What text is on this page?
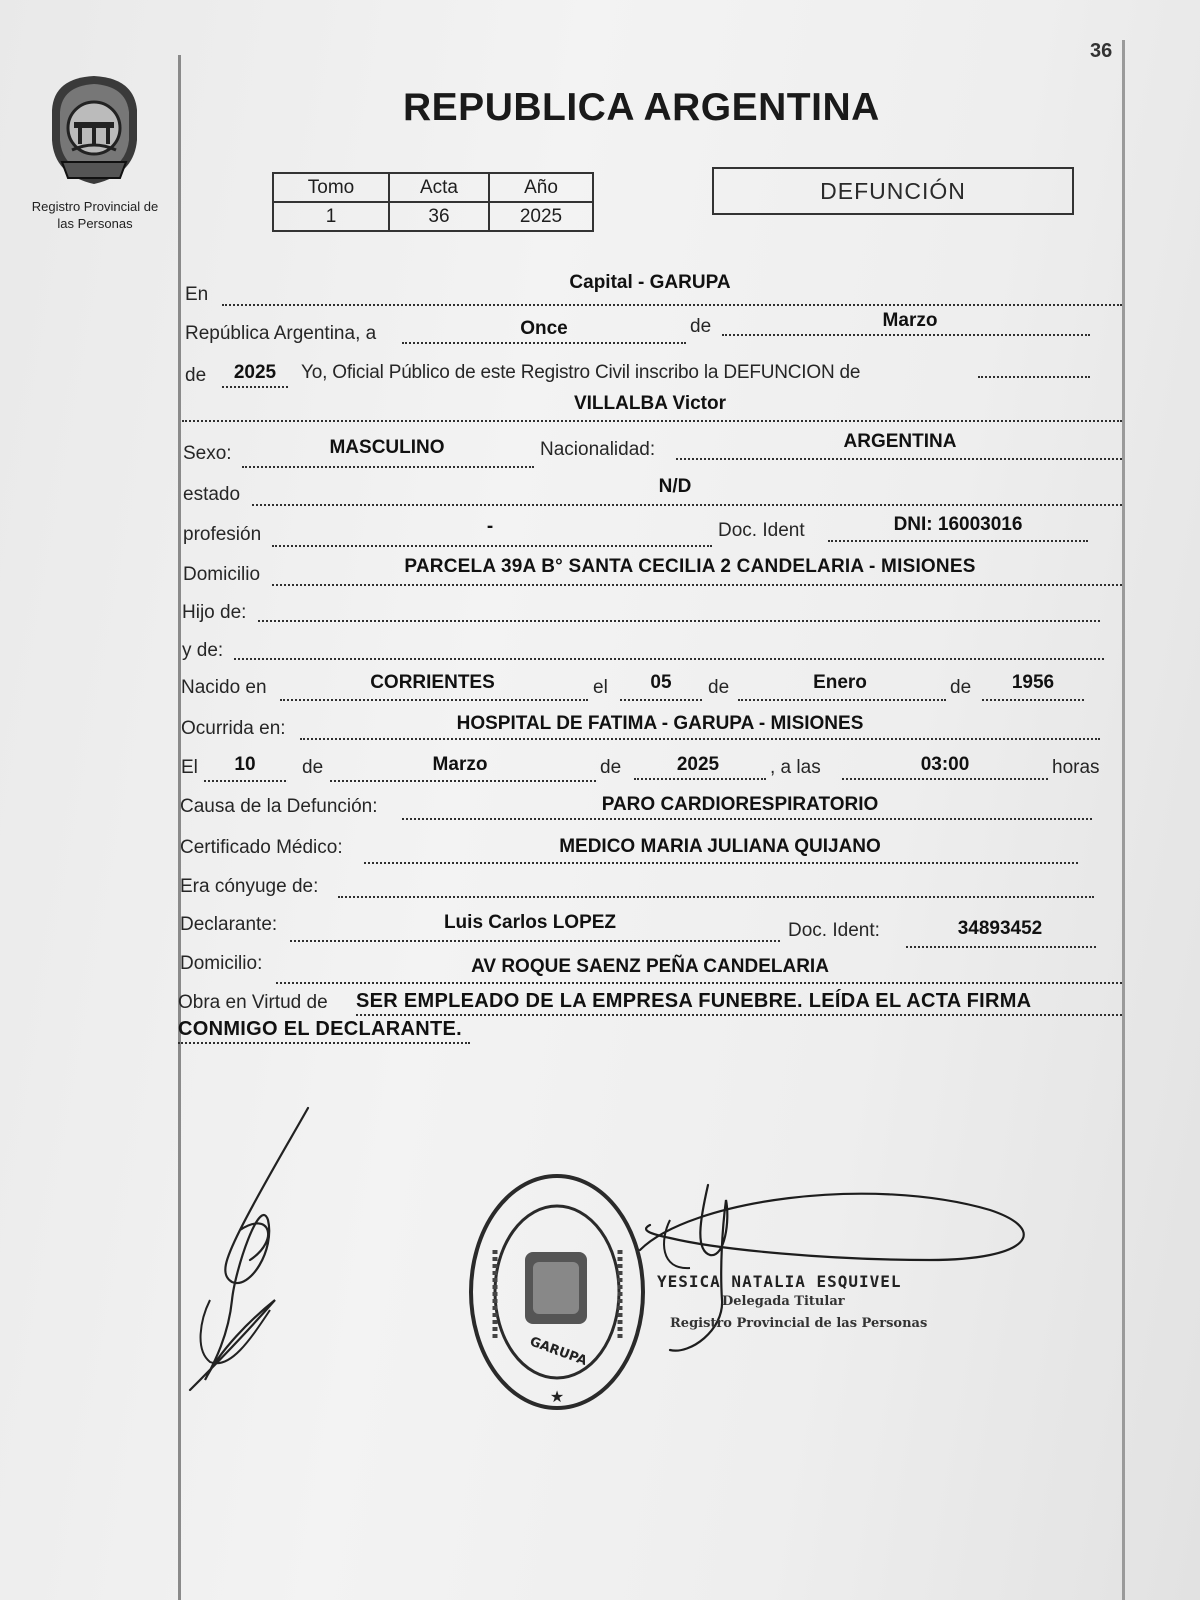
36
Registro Provincial de
las Personas
REPUBLICA ARGENTINA
Tomo	Acta	Año
1	36	2025
DEFUNCIÓN
En
Capital - GARUPA
República Argentina, a	Once	de	Marzo
de	2025	Yo, Oficial Público de este Registro Civil inscribo la DEFUNCION de
VILLALBA Victor
Sexo:	MASCULINO	Nacionalidad:	ARGENTINA
estado	N/D
profesión	-	Doc. Ident	DNI: 16003016
Domicilio	PARCELA 39A B° SANTA CECILIA 2 CANDELARIA - MISIONES
Hijo de:
y de:
Nacido en	CORRIENTES	el	05	de	Enero	de	1956
Ocurrida en:	HOSPITAL DE FATIMA - GARUPA - MISIONES
El	10	de	Marzo	de	2025	, a las	03:00	horas
Causa de la Defunción:	PARO CARDIORESPIRATORIO
Certificado Médico:	MEDICO MARIA JULIANA QUIJANO
Era cónyuge de:
Declarante:	Luis Carlos LOPEZ	Doc. Ident:	34893452
Domicilio:	AV ROQUE SAENZ PEÑA CANDELARIA
Obra en Virtud de SER EMPLEADO DE LA EMPRESA FUNEBRE. LEÍDA EL ACTA FIRMA
CONMIGO EL DECLARANTE.
GARUPA
★
YESICA NATALIA ESQUIVEL
Delegada Titular
Registro Provincial de las Personas
